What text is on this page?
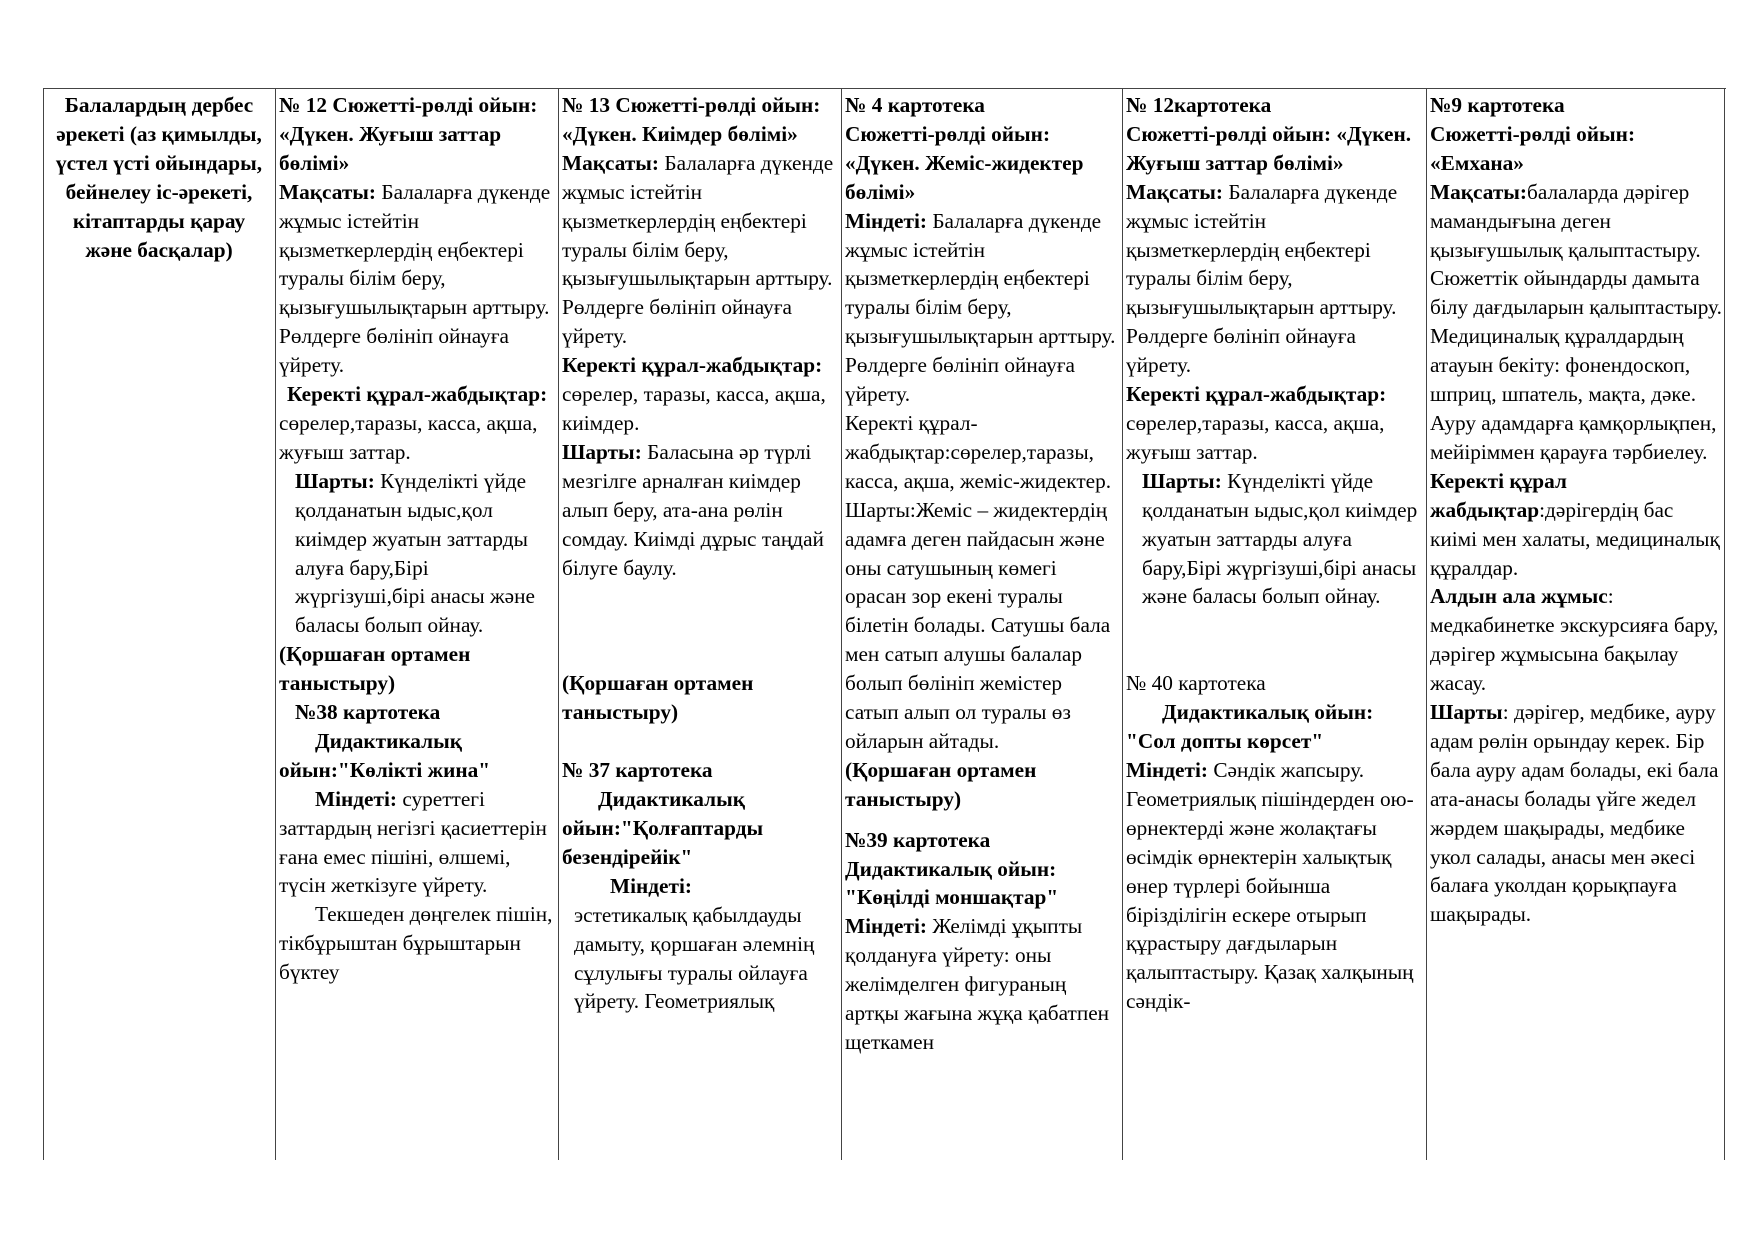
Балалардың дербес әрекеті (аз қимылды, үстел үсті ойындары, бейнелеу іс-әрекеті, кітаптарды қарау және басқалар)

№ 12 Сюжетті-рөлді ойын: «Дүкен. Жуғыш заттар бөлімі»

Мақсаты: Балаларға дүкенде жұмыс істейтін қызметкерлердің еңбектері туралы білім беру, қызығушылықтарын арттыру. Рөлдерге бөлініп ойнауға үйрету.

Керекті құрал-жабдықтар:

сөрелер,таразы, касса, ақша, жуғыш заттар.

Шарты: Күнделікті үйде қолданатын ыдыс,қол киімдер жуатын заттарды алуға бару,Бірі жүргізуші,бірі анасы және баласы болып ойнау.

(Қоршаған ортамен таныстыру)

№38 картотека

Дидактикалық ойын:"Көлікті жина"

Міндеті: суреттегі заттардың негізгі қасиеттерін ғана емес пішіні, өлшемі, түсін жеткізуге үйрету.

Текшеден дөңгелек пішін, тікбұрыштан бұрыштарын бүктеу

№ 13 Сюжетті-рөлді ойын: «Дүкен. Киімдер бөлімі»

Мақсаты: Балаларға дүкенде жұмыс істейтін қызметкерлердің еңбектері туралы білім беру, қызығушылықтарын арттыру. Рөлдерге бөлініп ойнауға үйрету.

Керекті құрал-жабдықтар: сөрелер, таразы, касса, ақша, киімдер.

Шарты: Баласына әр түрлі мезгілге арналған киімдер алып беру, ата-ана рөлін сомдау. Киімді дұрыс таңдай білуге баулу.

(Қоршаған ортамен таныстыру)

№ 37 картотека

Дидактикалық ойын:"Қолғаптарды безендірейік"

Міндеті:

эстетикалық қабылдауды дамыту, қоршаған әлемнің сұлулығы туралы ойлауға үйрету. Геометриялық

№ 4 картотека

Сюжетті-рөлді ойын: «Дүкен. Жеміс-жидектер бөлімі»

Міндеті: Балаларға дүкенде жұмыс істейтін қызметкерлердің еңбектері туралы білім беру, қызығушылықтарын арттыру. Рөлдерге бөлініп ойнауға үйрету.

Керекті құрал-жабдықтар:сөрелер,таразы, касса, ақша, жеміс-жидектер.

Шарты:Жеміс – жидектердің адамға деген пайдасын және оны сатушының көмегі орасан зор екені туралы білетін болады. Сатушы бала мен сатып алушы балалар болып бөлініп жемістер сатып алып ол туралы өз ойларын айтады.

(Қоршаған ортамен таныстыру)

№39 картотека

Дидактикалық ойын: "Көңілді моншақтар"

Міндеті: Желімді ұқыпты қолдануға үйрету: оны желімделген фигураның артқы жағына жұқа қабатпен щеткамен

№ 12картотека

Сюжетті-рөлді ойын: «Дүкен. Жуғыш заттар бөлімі»

Мақсаты: Балаларға дүкенде жұмыс істейтін қызметкерлердің еңбектері туралы білім беру, қызығушылықтарын арттыру. Рөлдерге бөлініп ойнауға үйрету.

Керекті құрал-жабдықтар:

сөрелер,таразы, касса, ақша, жуғыш заттар.

Шарты: Күнделікті үйде қолданатын ыдыс,қол киімдер жуатын заттарды алуға бару,Бірі жүргізуші,бірі анасы және баласы болып ойнау.

№ 40 картотека

Дидактикалық ойын:

"Сол допты көрсет"

Міндеті: Сәндік жапсыру. Геометриялық пішіндерден ою-өрнектерді және жолақтағы өсімдік өрнектерін халықтық өнер түрлері бойынша біріздiлігін ескере отырып құрастыру дағдыларын қалыптастыру. Қазақ халқының сәндік-

№9 картотека

Сюжетті-рөлді ойын: «Емхана»

Мақсаты:балаларда дәрігер мамандығына деген қызығушылық қалыптастыру. Сюжеттік ойындарды дамыта білу дағдыларын қалыптастыру. Медициналық құралдардың атауын бекіту: фонендоскоп, шприц, шпатель, мақта, дәке. Ауру адамдарға қамқорлықпен, мейіріммен қарауға тәрбиелеу.

Керекті құрал жабдықтар:дәрігердің бас киімі мен халаты, медициналық құралдар.

Алдын ала жұмыс: медкабинетке экскурсияға бару, дәрігер жұмысына бақылау жасау.

Шарты: дәрігер, медбике, ауру адам рөлін орындау керек. Бір бала ауру адам болады, екі бала ата-анасы болады үйге жедел жәрдем шақырады, медбике укол салады, анасы мен әкесі балаға уколдан қорықпауға шақырады.
